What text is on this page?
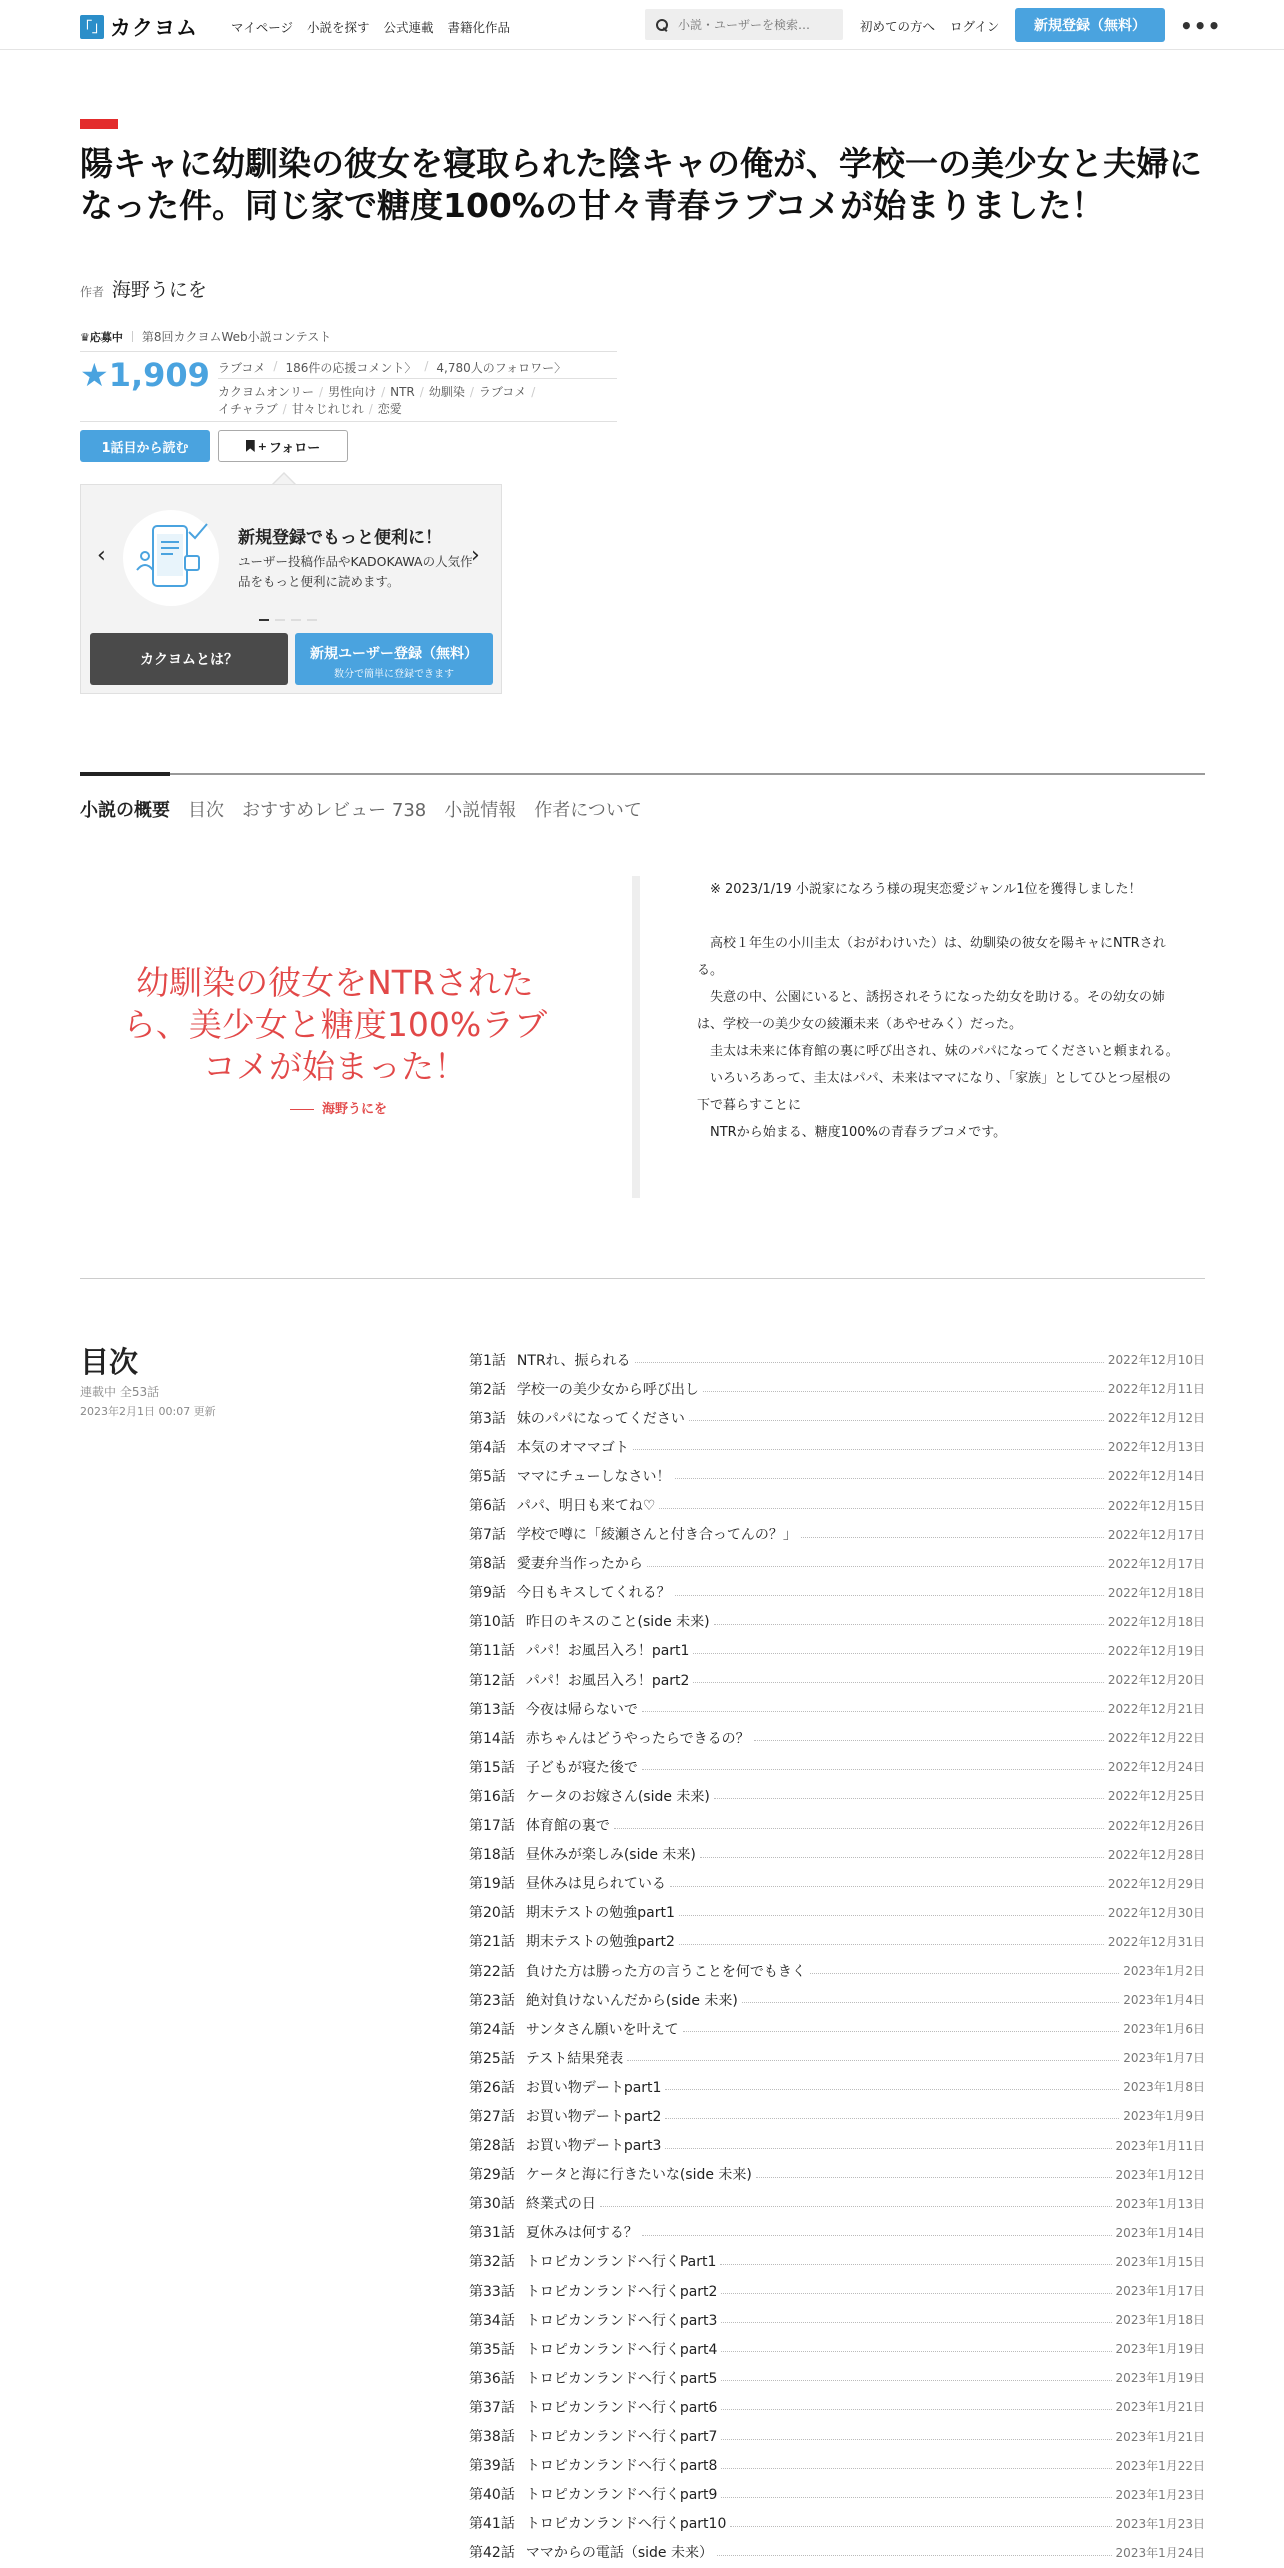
「」 カクヨム	マイページ 小説を探す 公式連載 書籍化作品
小説・ユーザーを検索…	初めての方へ ログイン	新規登録（無料）	•••
陽キャに幼馴染の彼女を寝取られた陰キャの俺が、学校一の美少女と夫婦になった件。同じ家で糖度100%の甘々青春ラブコメが始まりました！
作者 海野うにを
♛応募中 第8回カクヨムWeb小説コンテスト
★1,909 ラブコメ / 186件の応援コメント〉 / 4,780人のフォロワー〉
カクヨムオンリー / 男性向け / NTR / 幼馴染 / ラブコメ /
イチャラブ / 甘々じれじれ / 恋愛
1話目から読む	+ フォロー
‹	›
新規登録でもっと便利に！
ユーザー投稿作品やKADOKAWAの人気作品をもっと便利に読めます。
カクヨムとは？	新規ユーザー登録（無料）
数分で簡単に登録できます
小説の概要 目次 おすすめレビュー 738 小説情報 作者について
幼馴染の彼女をNTRされたら、美少女と糖度100%ラブコメが始まった！
海野うにを
　※ 2023/1/19 小説家になろう様の現実恋愛ジャンル1位を獲得しました！

　高校１年生の小川圭太（おがわけいた）は、幼馴染の彼女を陽キャにNTRされる。
　失意の中、公園にいると、誘拐されそうになった幼女を助ける。その幼女の姉は、学校一の美少女の綾瀬未来（あやせみく）だった。
　圭太は未来に体育館の裏に呼び出され、妹のパパになってくださいと頼まれる。
　いろいろあって、圭太はパパ、未来はママになり、「家族」としてひとつ屋根の下で暮らすことに
　NTRから始まる、糖度100%の青春ラブコメです。
目次
連載中 全53話
2023年2月1日 00:07 更新
第1話 NTRれ、振られる	2022年12月10日
第2話 学校一の美少女から呼び出し	2022年12月11日
第3話 妹のパパになってください	2022年12月12日
第4話 本気のオママゴト	2022年12月13日
第5話 ママにチューしなさい！	2022年12月14日
第6話 パパ、明日も来てね♡	2022年12月15日
第7話 学校で噂に「綾瀬さんと付き合ってんの？」	2022年12月17日
第8話 愛妻弁当作ったから	2022年12月17日
第9話 今日もキスしてくれる？	2022年12月18日
第10話 昨日のキスのこと(side 未来)	2022年12月18日
第11話 パパ！お風呂入ろ！part1	2022年12月19日
第12話 パパ！お風呂入ろ！part2	2022年12月20日
第13話 今夜は帰らないで	2022年12月21日
第14話 赤ちゃんはどうやったらできるの？	2022年12月22日
第15話 子どもが寝た後で	2022年12月24日
第16話 ケータのお嫁さん(side 未来)	2022年12月25日
第17話 体育館の裏で	2022年12月26日
第18話 昼休みが楽しみ(side 未来)	2022年12月28日
第19話 昼休みは見られている	2022年12月29日
第20話 期末テストの勉強part1	2022年12月30日
第21話 期末テストの勉強part2	2022年12月31日
第22話 負けた方は勝った方の言うことを何でもきく	2023年1月2日
第23話 絶対負けないんだから(side 未来)	2023年1月4日
第24話 サンタさん願いを叶えて	2023年1月6日
第25話 テスト結果発表	2023年1月7日
第26話 お買い物デートpart1	2023年1月8日
第27話 お買い物デートpart2	2023年1月9日
第28話 お買い物デートpart3	2023年1月11日
第29話 ケータと海に行きたいな(side 未来)	2023年1月12日
第30話 終業式の日	2023年1月13日
第31話 夏休みは何する？	2023年1月14日
第32話 トロピカンランドへ行くPart1	2023年1月15日
第33話 トロピカンランドへ行くpart2	2023年1月17日
第34話 トロピカンランドへ行くpart3	2023年1月18日
第35話 トロピカンランドへ行くpart4	2023年1月19日
第36話 トロピカンランドへ行くpart5	2023年1月19日
第37話 トロピカンランドへ行くpart6	2023年1月21日
第38話 トロピカンランドへ行くpart7	2023年1月21日
第39話 トロピカンランドへ行くpart8	2023年1月22日
第40話 トロピカンランドへ行くpart9	2023年1月23日
第41話 トロピカンランドへ行くpart10	2023年1月23日
第42話 ママからの電話（side 未来）	2023年1月24日
